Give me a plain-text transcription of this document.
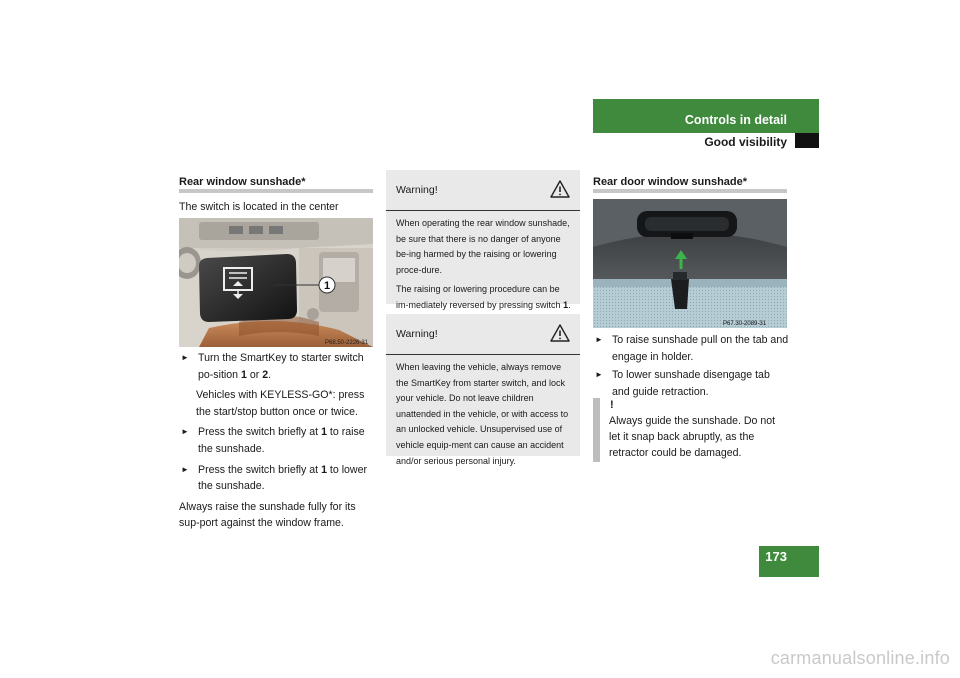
Controls in detail
Good visibility
173
Rear window sunshade*
The switch is located in the center
1
P68.50-2226-31
► Turn the SmartKey to starter switch po-sition 1 or 2.
Vehicles with KEYLESS-GO*: press the start/stop button once or twice.
► Press the switch briefly at 1 to raise the sunshade.
► Press the switch briefly at 1 to lower the sunshade.
Always raise the sunshade fully for its sup-port against the window frame.
Warning!

When operating the rear window sunshade, be sure that there is no danger of anyone be-ing harmed by the raising or lowering proce-dure.

The raising or lowering procedure can be im-mediately reversed by pressing switch 1.

Warning!

When leaving the vehicle, always remove the SmartKey from starter switch, and lock your vehicle. Do not leave children unattended in the vehicle, or with access to an unlocked vehicle. Unsupervised use of vehicle equip-ment can cause an accident and/or serious personal injury.

Rear door window sunshade*
P67.30-2089-31
► To raise sunshade pull on the tab and engage in holder.
► To lower sunshade disengage tab and guide retraction.
!
Always guide the sunshade. Do not let it snap back abruptly, as the retractor could be damaged.
carmanualsonline.info
